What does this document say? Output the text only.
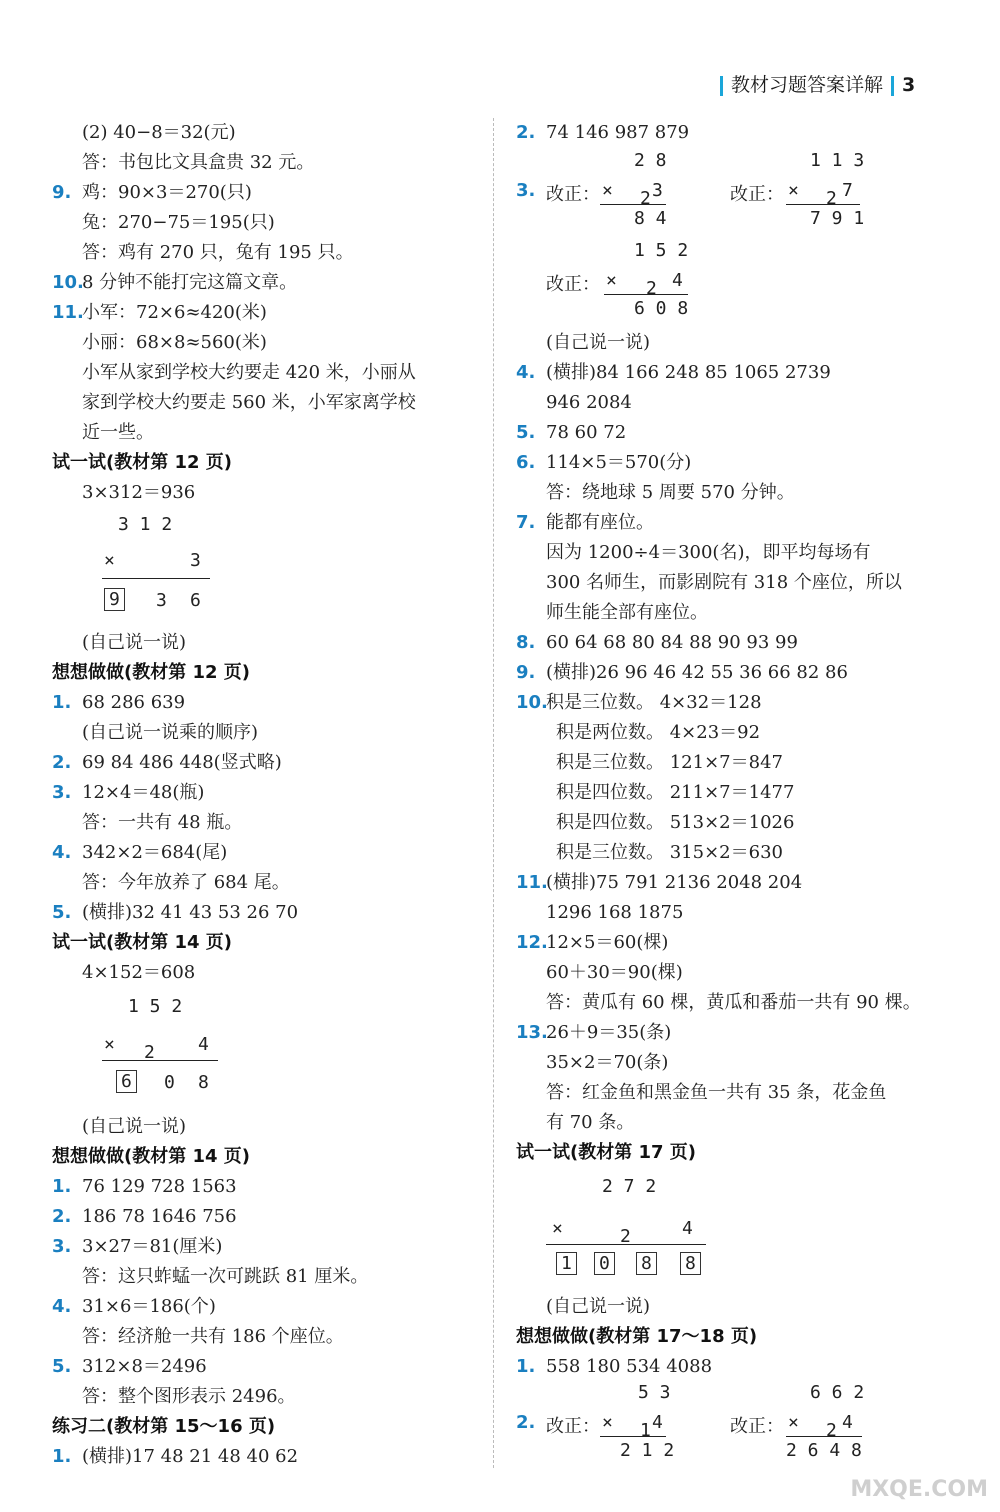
教材习题答案详解 3
(2) 40−8＝32(元)
答：书包比文具盒贵 32 元。
9. 鸡：90×3＝270(只)
兔：270−75＝195(只)
答：鸡有 270 只，兔有 195 只。
10.8 分钟不能打完这篇文章。
11.小军：72×6≈420(米)
小丽：68×8≈560(米)
小军从家到学校大约要走 420 米，小丽从
家到学校大约要走 560 米，小军家离学校
近一些。
试一试(教材第 12 页)
3×312＝936
3 1 2
×	3
9 3 6
(自己说一说)
想想做做(教材第 12 页)
1. 68 286 639
(自己说一说乘的顺序)
2. 69 84 486 448(竖式略)
3. 12×4＝48(瓶)
答：一共有 48 瓶。
4. 342×2＝684(尾)
答：今年放养了 684 尾。
5. (横排)32 41 43 53 26 70
试一试(教材第 14 页)
4×152＝608
1 5 2
× 2 4
6 0 8
(自己说一说)
想想做做(教材第 14 页)
1. 76 129 728 1563
2. 186 78 1646 756
3. 3×27＝81(厘米)
答：这只蚱蜢一次可跳跃 81 厘米。
4. 31×6＝186(个)
答：经济舱一共有 186 个座位。
5. 312×8＝2496
答：整个图形表示 2496。
练习二(教材第 15～16 页)
1. (横排)17 48 21 48 40 62
2. 74 146 987 879
3. 改正：
2 8
× 2 3
8 4
改正：
1 1 3
× 2 7
7 9 1
改正：
1 5 2
× 2 4
6 0 8
(自己说一说)
4. (横排)84 166 248 85 1065 2739
946 2084
5. 78 60 72
6. 114×5＝570(分)
答：绕地球 5 周要 570 分钟。
7. 能都有座位。
因为 1200÷4＝300(名)，即平均每场有
300 名师生，而影剧院有 318 个座位，所以
师生能全部有座位。
8. 60 64 68 80 84 88 90 93 99
9. (横排)26 96 46 42 55 36 66 82 86
10.积是三位数。 4×32＝128
积是两位数。 4×23＝92
积是三位数。 121×7＝847
积是四位数。 211×7＝1477
积是四位数。 513×2＝1026
积是三位数。 315×2＝630
11.(横排)75 791 2136 2048 204
1296 168 1875
12.12×5＝60(棵)
60＋30＝90(棵)
答：黄瓜有 60 棵，黄瓜和番茄一共有 90 棵。
13.26＋9＝35(条)
35×2＝70(条)
答：红金鱼和黑金鱼一共有 35 条，花金鱼
有 70 条。
试一试(教材第 17 页)
2 7 2
×	2	4
1 0 8 8
(自己说一说)
想想做做(教材第 17～18 页)
1. 558 180 534 4088
2. 改正：
5 3
× 1 4
2 1 2
改正：
6 6 2
× 2 4
2 6 4 8
MXQE.COM
